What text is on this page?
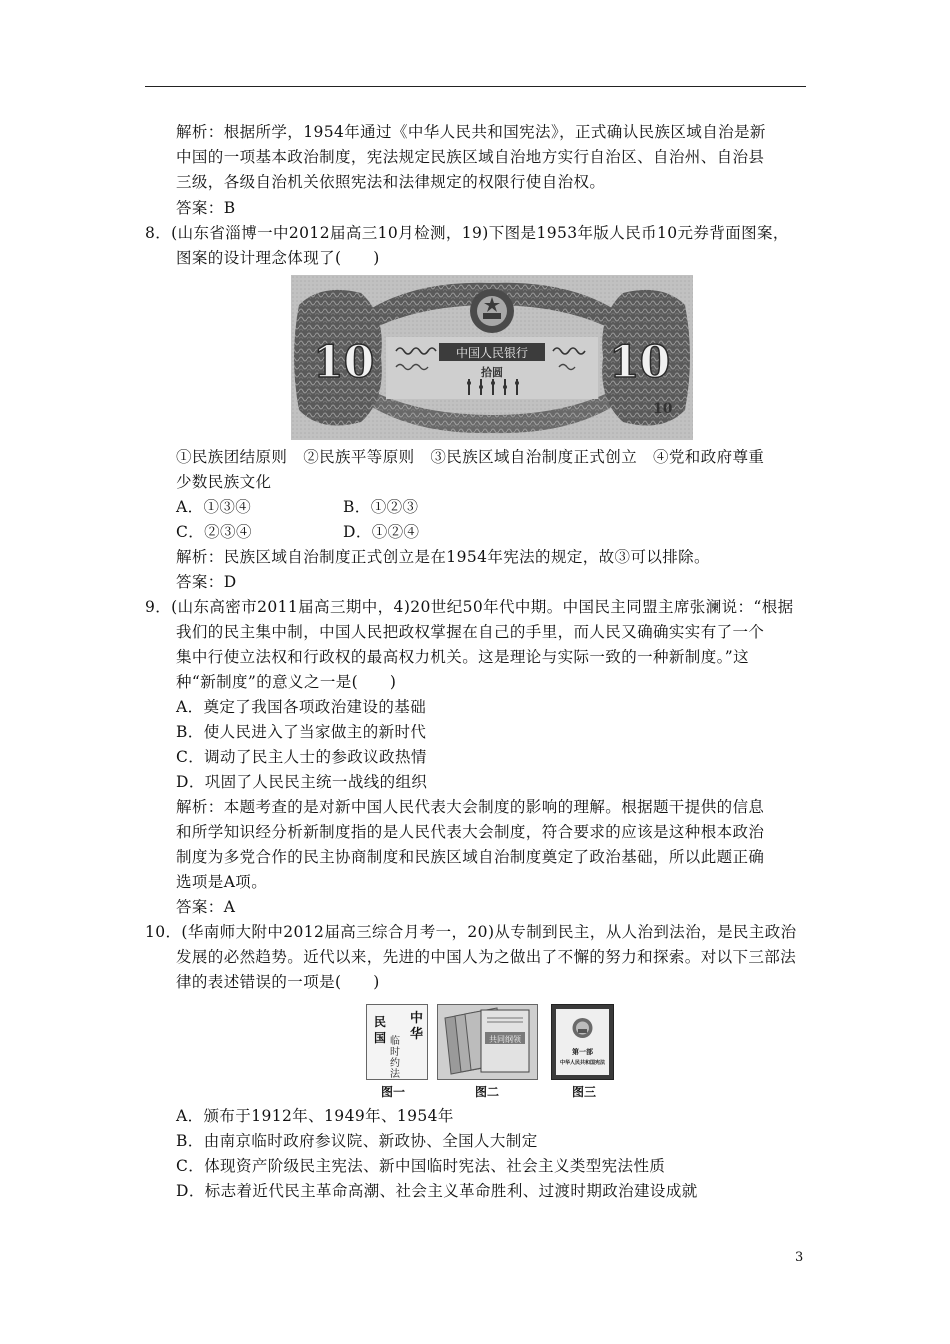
解析：根据所学，1954年通过《中华人民共和国宪法》，正式确认民族区域自治是新
中国的一项基本政治制度，宪法规定民族区域自治地方实行自治区、自治州、自治县
三级，各级自治机关依照宪法和法律规定的权限行使自治权。
答案：B
8．(山东省淄博一中2012届高三10月检测，19)下图是1953年版人民币10元券背面图案，
图案的设计理念体现了(　　)
10	10
10
中国人民银行
拾圆
①民族团结原则　②民族平等原则　③民族区域自治制度正式创立　④党和政府尊重
少数民族文化
A．①③④	B．①②③
C．②③④	D．①②④
解析：民族区域自治制度正式创立是在1954年宪法的规定，故③可以排除。
答案：D
9．(山东高密市2011届高三期中，4)20世纪50年代中期。中国民主同盟主席张澜说：“根据
我们的民主集中制，中国人民把政权掌握在自己的手里，而人民又确确实实有了一个
集中行使立法权和行政权的最高权力机关。这是理论与实际一致的一种新制度。”这
种“新制度”的意义之一是(　　)
A．奠定了我国各项政治建设的基础
B．使人民进入了当家做主的新时代
C．调动了民主人士的参政议政热情
D．巩固了人民民主统一战线的组织
解析：本题考查的是对新中国人民代表大会制度的影响的理解。根据题干提供的信息
和所学知识经分析新制度指的是人民代表大会制度，符合要求的应该是这种根本政治
制度为多党合作的民主协商制度和民族区域自治制度奠定了政治基础，所以此题正确
选项是A项。
答案：A
10．(华南师大附中2012届高三综合月考一，20)从专制到民主，从人治到法治，是民主政治
发展的必然趋势。近代以来，先进的中国人为之做出了不懈的努力和探索。对以下三部法
律的表述错误的一项是(　　)
中
华
民
国 临
时
约
法
图一
共同纲领
图二
第一部
中华人民共和国宪法
图三
A．颁布于1912年、1949年、1954年
B．由南京临时政府参议院、新政协、全国人大制定
C．体现资产阶级民主宪法、新中国临时宪法、社会主义类型宪法性质
D．标志着近代民主革命高潮、社会主义革命胜利、过渡时期政治建设成就
3
